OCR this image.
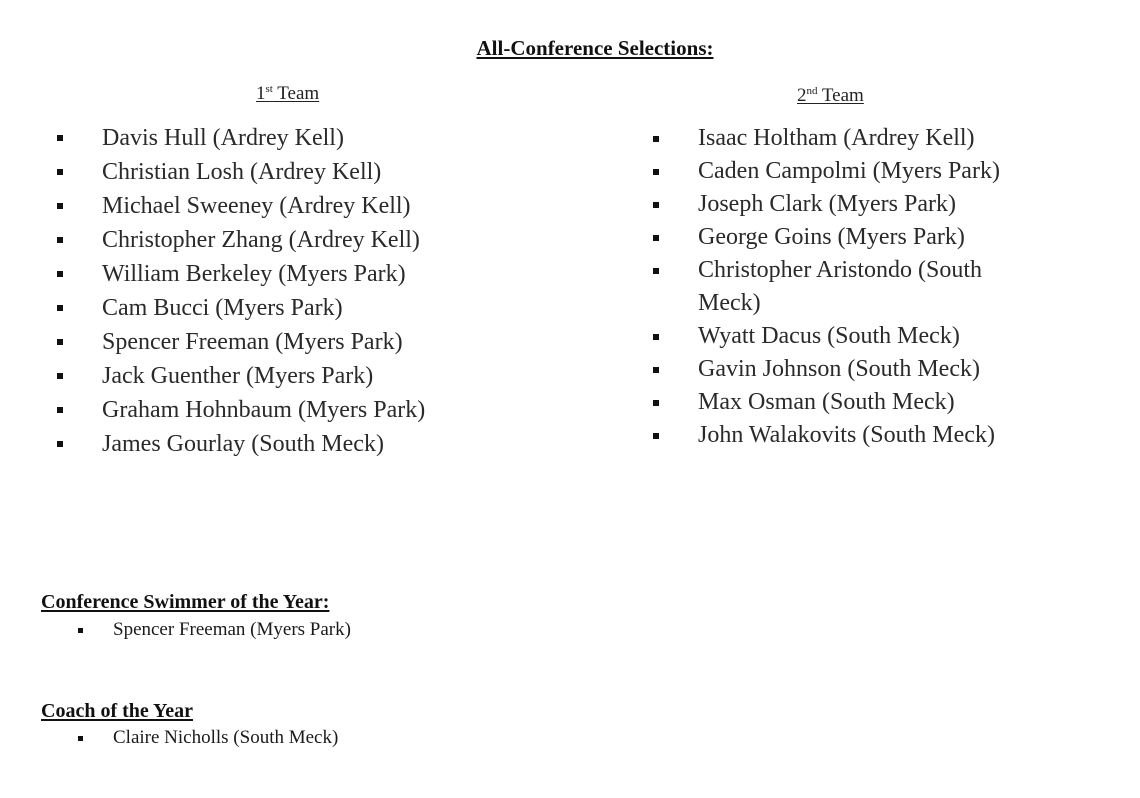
All-Conference Selections:
1st Team	2nd Team
Davis Hull (Ardrey Kell)
Christian Losh (Ardrey Kell)
Michael Sweeney (Ardrey Kell)
Christopher Zhang (Ardrey Kell)
William Berkeley (Myers Park)
Cam Bucci (Myers Park)
Spencer Freeman (Myers Park)
Jack Guenther (Myers Park)
Graham Hohnbaum (Myers Park)
James Gourlay (South Meck)
Isaac Holtham (Ardrey Kell)
Caden Campolmi (Myers Park)
Joseph Clark (Myers Park)
George Goins (Myers Park)
Christopher Aristondo (South Meck)
Wyatt Dacus (South Meck)
Gavin Johnson (South Meck)
Max Osman (South Meck)
John Walakovits (South Meck)
Conference Swimmer of the Year:
Spencer Freeman (Myers Park)
Coach of the Year
Claire Nicholls (South Meck)
